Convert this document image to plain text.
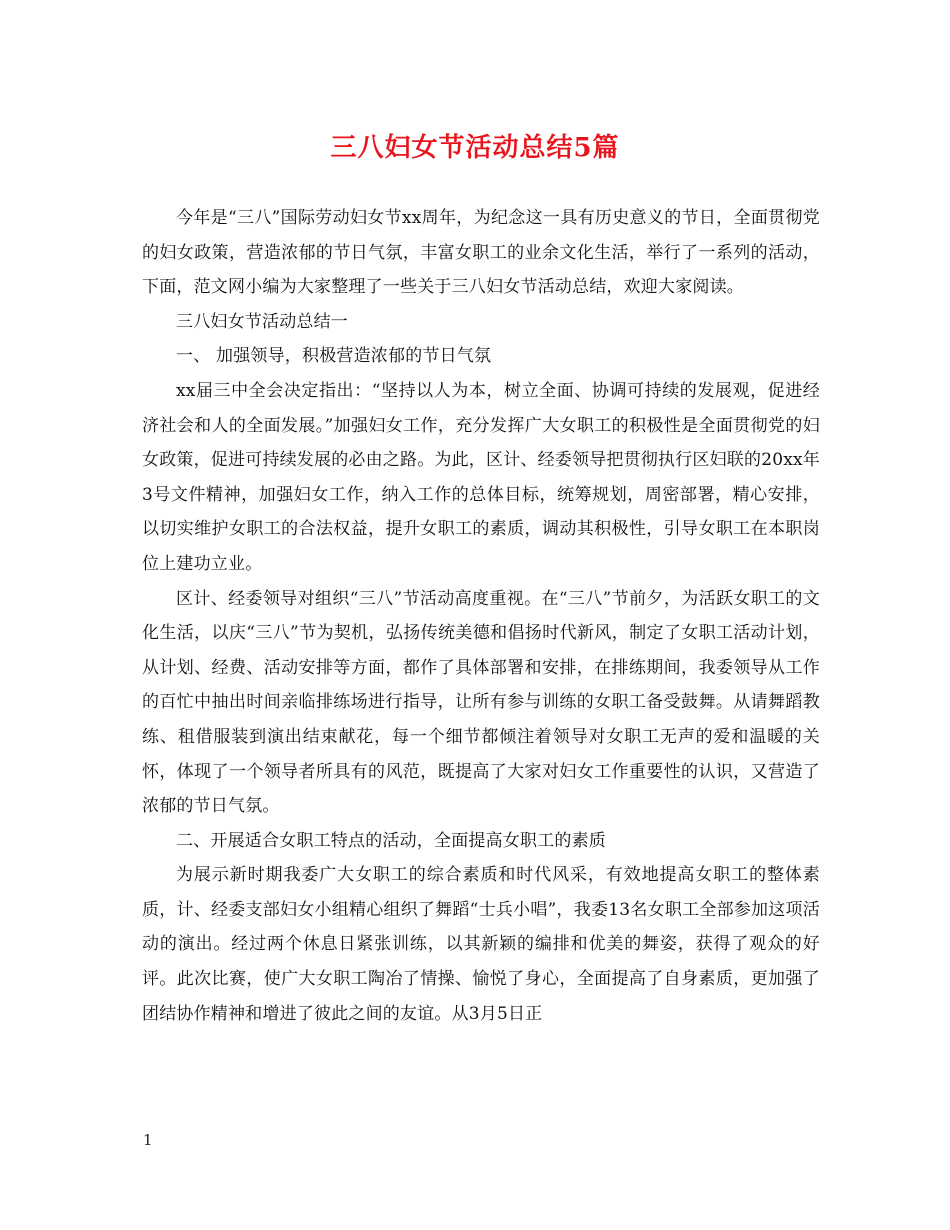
三八妇女节活动总结5篇

今年是“三八”国际劳动妇女节xx周年，为纪念这一具有历史意义的节日，全面贯彻党的妇女政策，营造浓郁的节日气氛，丰富女职工的业余文化生活，举行了一系列的活动，下面，范文网小编为大家整理了一些关于三八妇女节活动总结，欢迎大家阅读。

三八妇女节活动总结一

一、 加强领导，积极营造浓郁的节日气氛

xx届三中全会决定指出：“坚持以人为本，树立全面、协调可持续的发展观，促进经济社会和人的全面发展。”加强妇女工作，充分发挥广大女职工的积极性是全面贯彻党的妇女政策，促进可持续发展的必由之路。为此，区计、经委领导把贯彻执行区妇联的20xx年3号文件精神，加强妇女工作，纳入工作的总体目标，统筹规划，周密部署，精心安排，以切实维护女职工的合法权益，提升女职工的素质，调动其积极性，引导女职工在本职岗位上建功立业。

区计、经委领导对组织“三八”节活动高度重视。在“三八”节前夕，为活跃女职工的文化生活，以庆“三八”节为契机，弘扬传统美德和倡扬时代新风，制定了女职工活动计划，从计划、经费、活动安排等方面，都作了具体部署和安排，在排练期间，我委领导从工作的百忙中抽出时间亲临排练场进行指导，让所有参与训练的女职工备受鼓舞。从请舞蹈教练、租借服装到演出结束献花，每一个细节都倾注着领导对女职工无声的爱和温暖的关怀，体现了一个领导者所具有的风范，既提高了大家对妇女工作重要性的认识，又营造了浓郁的节日气氛。

二、开展适合女职工特点的活动，全面提高女职工的素质

为展示新时期我委广大女职工的综合素质和时代风采，有效地提高女职工的整体素质，计、经委支部妇女小组精心组织了舞蹈“士兵小唱”，我委13名女职工全部参加这项活动的演出。经过两个休息日紧张训练，以其新颖的编排和优美的舞姿，获得了观众的好评。此次比赛，使广大女职工陶冶了情操、愉悦了身心，全面提高了自身素质，更加强了团结协作精神和增进了彼此之间的友谊。从3月5日正

1
